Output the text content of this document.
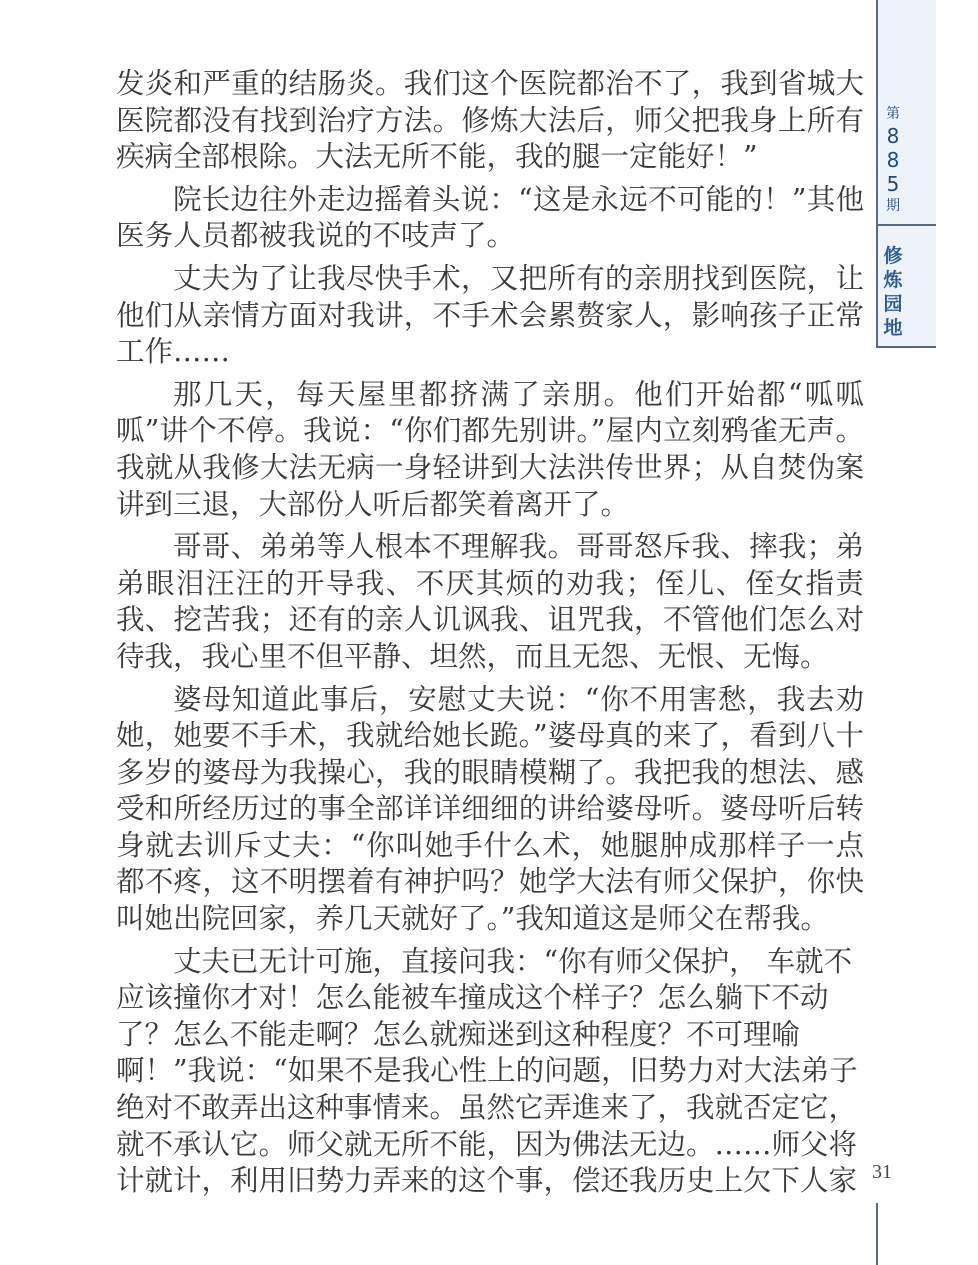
发炎和严重的结肠炎。我们这个医院都治不了，我到省城大医院都没有找到治疗方法。修炼大法后，师父把我身上所有疾病全部根除。大法无所不能，我的腿一定能好！”

院长边往外走边摇着头说：“这是永远不可能的！”其他医务人员都被我说的不吱声了。

丈夫为了让我尽快手术，又把所有的亲朋找到医院，让他们从亲情方面对我讲，不手术会累赘家人，影响孩子正常工作……

那几天，每天屋里都挤满了亲朋。他们开始都“呱呱呱”讲个不停。我说：“你们都先别讲。”屋内立刻鸦雀无声。我就从我修大法无病一身轻讲到大法洪传世界；从自焚伪案讲到三退，大部份人听后都笑着离开了。

哥哥、弟弟等人根本不理解我。哥哥怒斥我、摔我；弟弟眼泪汪汪的开导我、不厌其烦的劝我；侄儿、侄女指责我、挖苦我；还有的亲人讥讽我、诅咒我，不管他们怎么对待我，我心里不但平静、坦然，而且无怨、无恨、无悔。

婆母知道此事后，安慰丈夫说：“你不用害愁，我去劝她，她要不手术，我就给她长跪。”婆母真的来了，看到八十多岁的婆母为我操心，我的眼睛模糊了。我把我的想法、感受和所经历过的事全部详详细细的讲给婆母听。婆母听后转身就去训斥丈夫：“你叫她手什么术，她腿肿成那样子一点都不疼，这不明摆着有神护吗？她学大法有师父保护，你快叫她出院回家，养几天就好了。”我知道这是师父在帮我。

丈夫已无计可施，直接问我：“你有师父保护， 车就不应该撞你才对！怎么能被车撞成这个样子？怎么躺下不动了？怎么不能走啊？怎么就痴迷到这种程度？不可理喻啊！”我说：“如果不是我心性上的问题，旧势力对大法弟子绝对不敢弄出这种事情来。虽然它弄進来了，我就否定它，就不承认它。师父就无所不能，因为佛法无边。……师父将计就计，利用旧势力弄来的这个事，偿还我历史上欠下人家

第
8
8
5
期
修
炼
园
地
31
